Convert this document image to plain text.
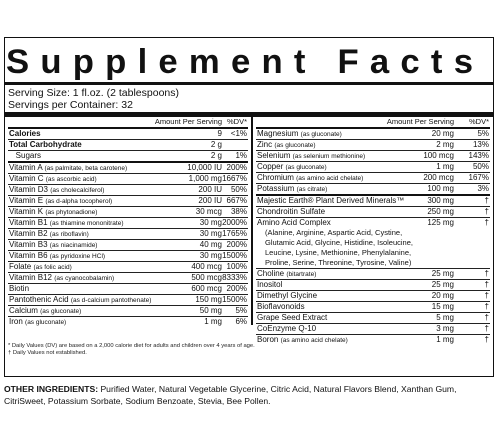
Supplement Facts
Serving Size: 1 fl.oz. (2 tablespoons)
Servings per Container: 32
Amount Per Serving %DV*
Calories	9 <1%
Total Carbohydrate	2 g
Sugars	2 g 1%
Vitamin A (as palmitate, beta carotene)	10,000 IU 200%
Vitamin C (as ascorbic acid)	1,000 mg 1667%
Vitamin D3 (as cholecalciferol)	200 IU 50%
Vitamin E (as d-alpha tocopherol)	200 IU 667%
Vitamin K (as phytonadione)	30 mcg 38%
Vitamin B1 (as thiamine mononitrate)	30 mg 2000%
Vitamin B2 (as riboflavin)	30 mg 1765%
Vitamin B3 (as niacinamide)	40 mg 200%
Vitamin B6 (as pyridoxine HCl)	30 mg 1500%
Folate (as folic acid)	400 mcg 100%
Vitamin B12 (as cyanocobalamin)	500 mcg 8333%
Biotin	600 mcg 200%
Pantothenic Acid (as d-calcium pantothenate)	150 mg 1500%
Calcium (as gluconate)	50 mg 5%
Iron (as gluconate)	1 mg 6%
Amount Per Serving %DV*
Magnesium (as gluconate)	20 mg	5%
Zinc (as gluconate)	2 mg 13%
Selenium (as selenium methionine)	100 mcg 143%
Copper (as gluconate)	1 mg 50%
Chromium (as amino acid chelate)	200 mcg 167%
Potassium (as citrate)	100 mg	3%
Majestic Earth® Plant Derived Minerals™	300 mg	†
Chondroitin Sulfate	250 mg	†
Amino Acid Complex
(Alanine, Arginine, Aspartic Acid, Cystine,
Glutamic Acid, Glycine, Histidine, Isoleucine,
Leucine, Lysine, Methionine, Phenylalanine,
Proline, Serine, Threonine, Tyrosine, Valine)
125 mg	†
Choline (bitartrate)	25 mg	†
Inositol	25 mg	†
Dimethyl Glycine	20 mg	†
Bioflavonoids	15 mg	†
Grape Seed Extract	5 mg	†
CoEnzyme Q-10	3 mg	†
Boron (as amino acid chelate)	1 mg	†
* Daily Values (DV) are based on a 2,000 calorie diet for adults and children over 4 years of age.
† Daily Values not established.
OTHER INGREDIENTS: Purified Water, Natural Vegetable Glycerine, Citric Acid, Natural Flavors Blend, Xanthan Gum, CitriSweet, Potassium Sorbate, Sodium Benzoate, Stevia, Bee Pollen.
